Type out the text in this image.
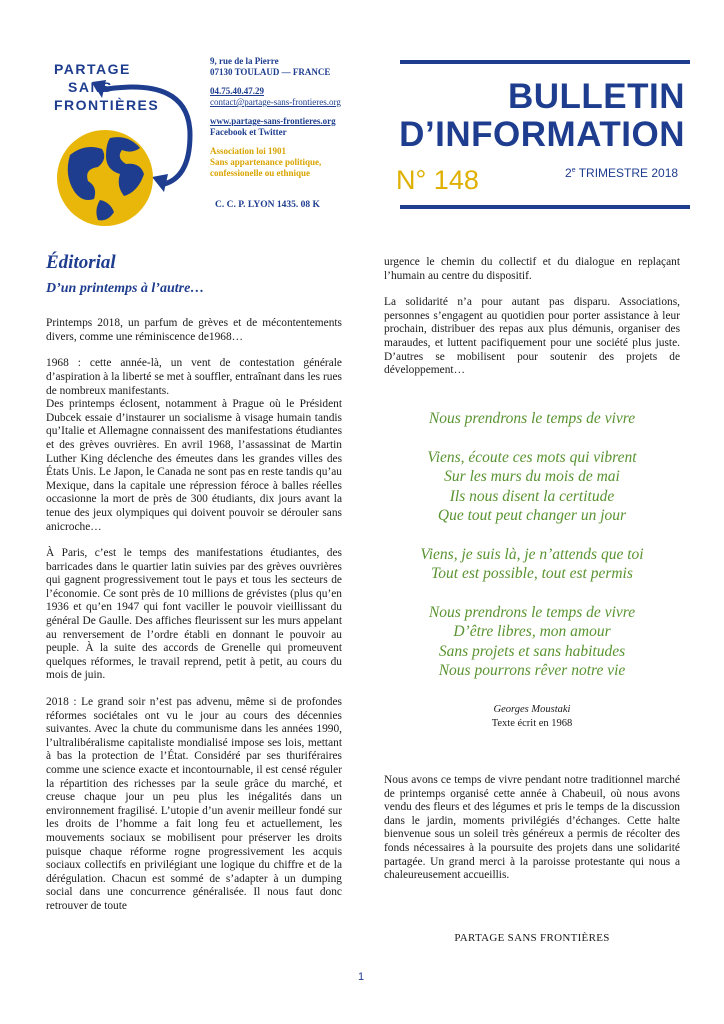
PARTAGE
SANS
FRONTIÈRES
9, rue de la Pierre
07130 TOULAUD — FRANCE
04.75.40.47.29
contact@partage-sans-frontieres.org
www.partage-sans-frontieres.org
Facebook et Twitter
Association loi 1901
Sans appartenance politique,
confessionelle ou ethnique
C. C. P. LYON 1435. 08 K
BULLETIN
D’INFORMATION
N° 148	2e TRIMESTRE 2018
Éditorial
D’un printemps à l’autre…

Printemps 2018, un parfum de grèves et de mécontentements divers, comme une réminiscence de1968…

1968 : cette année-là, un vent de contestation générale d’aspiration à la liberté se met à souffler, entraînant dans les rues de nombreux manifestants.

Des printemps éclosent, notamment à Prague où le Président Dubcek essaie d’instaurer un socialisme à visage humain tandis qu’Italie et Allemagne connaissent des manifestations étudiantes et des grèves ouvrières. En avril 1968, l’assassinat de Martin Luther King déclenche des émeutes dans les grandes villes des États Unis. Le Japon, le Canada ne sont pas en reste tandis qu’au Mexique, dans la capitale une répression féroce à balles réelles occasionne la mort de près de 300 étudiants, dix jours avant la tenue des jeux olympiques qui doivent pouvoir se dérouler sans anicroche…

À Paris, c’est le temps des manifestations étudiantes, des barricades dans le quartier latin suivies par des grèves ouvrières qui gagnent progressivement tout le pays et tous les secteurs de l’économie. Ce sont près de 10 millions de grévistes (plus qu’en 1936 et qu’en 1947 qui font vaciller le pouvoir vieillissant du général De Gaulle. Des affiches fleurissent sur les murs appelant au renversement de l’ordre établi en donnant le pouvoir au peuple. À la suite des accords de Grenelle qui promeuvent quelques réformes, le travail reprend, petit à petit, au cours du mois de juin.

2018 : Le grand soir n’est pas advenu, même si de profondes réformes sociétales ont vu le jour au cours des décennies suivantes. Avec la chute du communisme dans les années 1990, l’ultralibéralisme capitaliste mondialisé impose ses lois, mettant à bas la protection de l’État. Considéré par ses thuriféraires comme une science exacte et incontournable, il est censé réguler la répartition des richesses par la seule grâce du marché, et creuse chaque jour un peu plus les inégalités dans un environnement fragilisé. L’utopie d’un avenir meilleur fondé sur les droits de l’homme a fait long feu et actuellement, les mouvements sociaux se mobilisent pour préserver les droits puisque chaque réforme rogne progressivement les acquis sociaux collectifs en privilégiant une logique du chiffre et de la dérégulation. Chacun est sommé de s’adapter à un dumping social dans une concurrence généralisée. Il nous faut donc retrouver de toute

urgence le chemin du collectif et du dialogue en replaçant l’humain au centre du dispositif.

La solidarité n’a pour autant pas disparu. Associations, personnes s’engagent au quotidien pour porter assistance à leur prochain, distribuer des repas aux plus démunis, organiser des maraudes, et luttent pacifiquement pour une société plus juste. D’autres se mobilisent pour soutenir des projets de développement…

Nous prendrons le temps de vivre
Viens, écoute ces mots qui vibrent
Sur les murs du mois de mai
Ils nous disent la certitude
Que tout peut changer un jour
Viens, je suis là, je n’attends que toi
Tout est possible, tout est permis
Nous prendrons le temps de vivre
D’être libres, mon amour
Sans projets et sans habitudes
Nous pourrons rêver notre vie
Georges Moustaki
Texte écrit en 1968

Nous avons ce temps de vivre pendant notre traditionnel marché de printemps organisé cette année à Chabeuil, où nous avons vendu des fleurs et des légumes et pris le temps de la discussion dans le jardin, moments privilégiés d’échanges. Cette halte bienvenue sous un soleil très généreux a permis de récolter des fonds nécessaires à la poursuite des projets dans une solidarité partagée. Un grand merci à la paroisse protestante qui nous a chaleureusement accueillis.

PARTAGE SANS FRONTIÈRES
1
